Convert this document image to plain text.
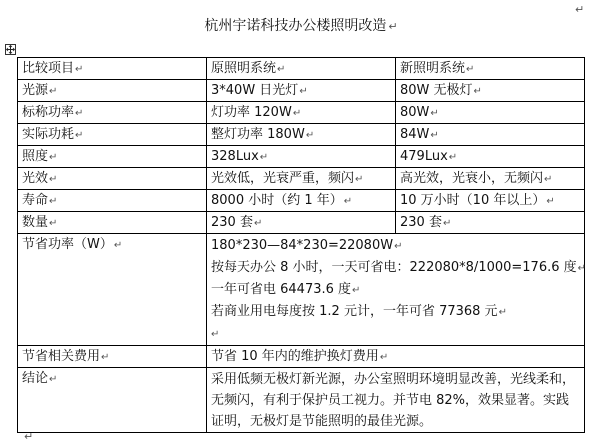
↵
杭州宇诺科技办公楼照明改造 ↵
比较项目↵	原照明系统↵	新照明系统↵
光源↵	3*40W 日光灯↵	80W 无极灯↵
标称功率↵	灯功率 120W↵	80W↵
实际功耗↵	整灯功率 180W↵	84W↵
照度↵	328Lux↵	479Lux↵
光效↵	光效低，光衰严重，频闪↵	高光效，光衰小，无频闪↵
寿命↵	8000 小时（约 1 年）↵	10 万小时（10 年以上）↵
数量↵	230 套↵	230 套↵
节省功率（W）↵	180*230—84*230=22080W↵
按每天办公 8 小时，一天可省电：222080*8/1000=176.6 度↵
一年可省电 64473.6 度↵
若商业用电每度按 1.2 元计，一年可省 77368 元↵
↵	

节省相关费用↵	节省 10 年内的维护换灯费用↵	
结论↵	采用低频无极灯新光源，办公室照明环境明显改善，光线柔和，无频闪，有利于保护员工视力。并节电 82%，效果显著。实践证明，无极灯是节能照明的最佳光源。	
↵
